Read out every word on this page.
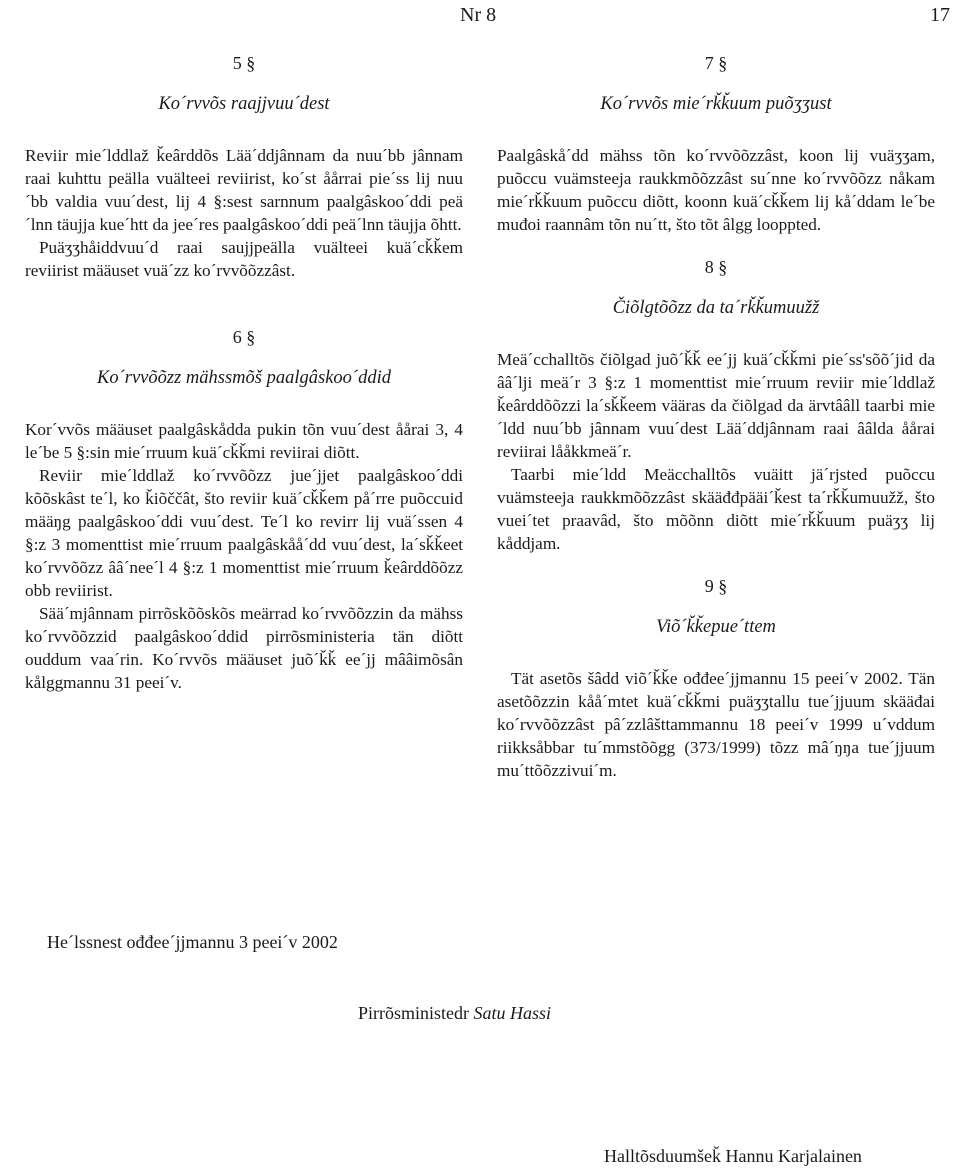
Nr 8	17

5 §

Ko´rvvõs raajjvuu´dest

Reviir mie´lddlaž ǩeârddõs Lää´ddjânnam da nuu´bb jânnam raai kuhttu peälla vuälteei reviirist, ko´st åårrai pie´ss lij nuu´bb valdia vuu´dest, lij 4 §:sest sarnnum paalgâskoo´ddi peä´lnn täujja kue´htt da jee´res paalgâskoo´ddi peä´lnn täujja õhtt.

Puäʒʒhåiddvuu´d raai saujjpeälla vuälteei kuä´cǩǩem reviirist määuset vuä´zz ko´rvvõõzzâst.

6 §

Ko´rvvõõzz mähssmõš paalgâskoo´ddid

Kor´vvõs määuset paalgâskådda pukin tõn vuu´dest åårai 3, 4 le´be 5 §:sin mie´rruum kuä´cǩǩmi reviirai diõtt.

Reviir mie´lddlaž ko´rvvõõzz jue´jjet paalgâskoo´ddi kõõskâst te´l, ko ǩiõččât, što reviir kuä´cǩǩem på´rre puõccuid määŋg paalgâskoo´ddi vuu´dest. Te´l ko revirr lij vuä´ssen 4 §:z 3 momenttist mie´rruum paalgâskåå´dd vuu´dest, la´sǩǩeet ko´rvvõõzz ââ´nee´l 4 §:z 1 momenttist mie´rruum ǩeârddõõzz obb reviirist.

Sää´mjânnam pirrõskõõskõs meärrad ko´rvvõõzzin da mähss ko´rvvõõzzid paalgâskoo´ddid pirrõsministeria tän diõtt ouddum vaa´rin. Ko´rvvõs määuset juõ´ǩǩ ee´jj mââimõsân kålggmannu 31 peei´v.

7 §

Ko´rvvõs mie´rǩǩuum puõʒʒust

Paalgâskå´dd mähss tõn ko´rvvõõzzâst, koon lij vuäʒʒam, puõccu vuämsteeja raukkmõõzzâst su´nne ko´rvvõõzz nåkam mie´rǩǩuum puõccu diõtt, koonn kuä´cǩǩem lij kå´ddam le´be muđoi raannâm tõn nu´tt, što tõt âlgg looppted.

8 §

Čiõlgtõõzz da ta´rǩǩumuužž

Meä´cchalltõs čiõlgad juõ´ǩǩ ee´jj kuä´cǩǩmi pie´ss'sõõ´jid da ââ´lji meä´r 3 §:z 1 momenttist mie´rruum reviir mie´lddlaž ǩeârddõõzzi la´sǩǩeem vääras da čiõlgad da ärvtââll taarbi mie´ldd nuu´bb jânnam vuu´dest Lää´ddjânnam raai ââlda åårai reviirai lååkkmeä´r.

Taarbi mie´ldd Meäcchalltõs vuäitt jä´rjsted puõccu vuämsteeja raukkmõõzzâst skääđđpääi´ǩest ta´rǩǩumuužž, što vuei´tet praavâd, što mõõnn diõtt mie´rǩǩuum puäʒʒ lij kåddjam.

9 §

Viõ´ǩǩepue´ttem

Tät asetõs šâdd viõ´ǩǩe ođđee´jjmannu 15 peei´v 2002. Tän asetõõzzin kåå´mtet kuä´cǩǩmi puäʒʒtallu tue´jjuum skääđai ko´rvvõõzzâst pâ´zzlâšttammannu 18 peei´v 1999 u´vddum riikksåbbar tu´mmstõõgg (373/1999) tõzz mâ´ŋŋa tue´jjuum mu´ttõõzzivui´m.

He´lssnest ođđee´jjmannu 3 peei´v 2002
Pirrõsministedr Satu Hassi
Halltõsduumšeǩ Hannu Karjalainen
